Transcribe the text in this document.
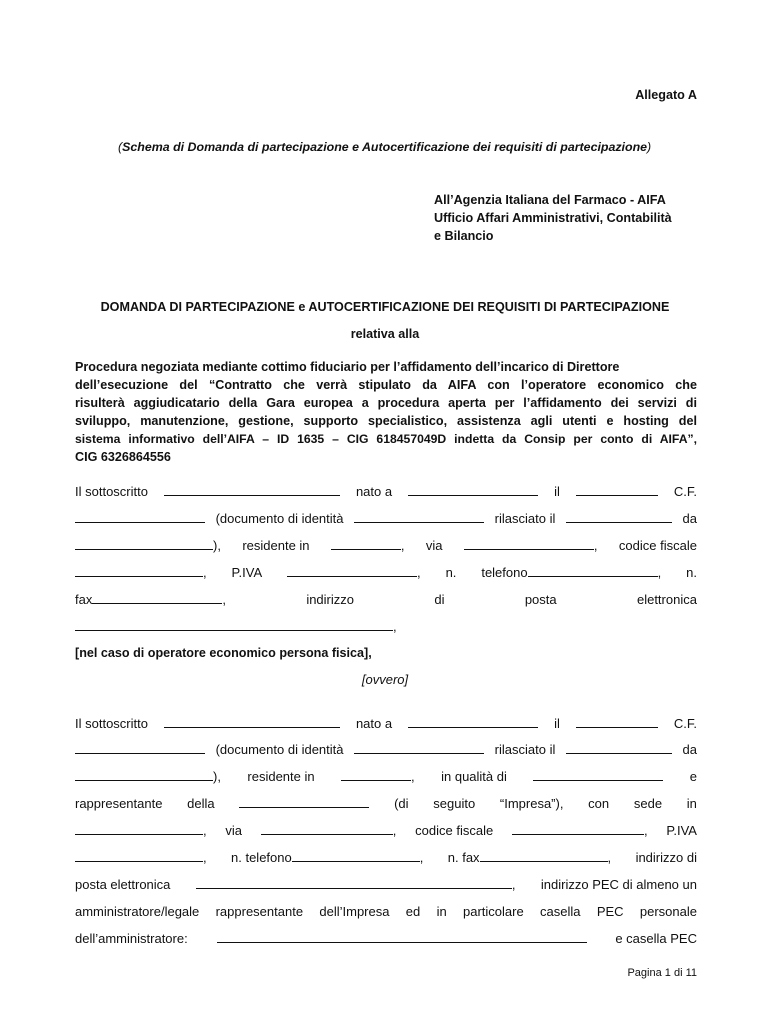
Allegato A
(Schema di Domanda di partecipazione e Autocertificazione dei requisiti di partecipazione)
All’Agenzia Italiana del Farmaco - AIFA
Ufficio Affari Amministrativi, Contabilità
e Bilancio
DOMANDA DI PARTECIPAZIONE e AUTOCERTIFICAZIONE DEI REQUISITI DI PARTECIPAZIONE
relativa alla
Procedura negoziata mediante cottimo fiduciario per l’affidamento dell’incarico di Direttore
dell’esecuzione del “Contratto che verrà stipulato da AIFA con l’operatore economico che
risulterà aggiudicatario della Gara europea a procedura aperta per l’affidamento dei servizi di
sviluppo, manutenzione, gestione, supporto specialistico, assistenza agli utenti e hosting del
sistema informativo dell’AIFA – ID 1635 – CIG 618457049D indetta da Consip per conto di AIFA”,
CIG 6326864556
Il sottoscritto	nato a	il	C.F.
(documento di identità	rilasciato il	da
), residente in	, via	, codice fiscale
, P.IVA	, n. telefono	, n.
fax	,	indirizzo	di	posta	elettronica
,
[nel caso di operatore economico persona fisica],
[ovvero]
Il sottoscritto	nato a	il	C.F.
(documento di identità	rilasciato il	da
), residente in	, in qualità di	e
rappresentante della	(di seguito “Impresa”), con sede in
, via	, codice fiscale	, P.IVA
, n. telefono	, n. fax	, indirizzo di
posta elettronica	, indirizzo PEC di almeno un
amministratore/legale rappresentante dell’Impresa ed in particolare casella PEC personale
dell’amministratore:	e casella PEC
Pagina 1 di 11
